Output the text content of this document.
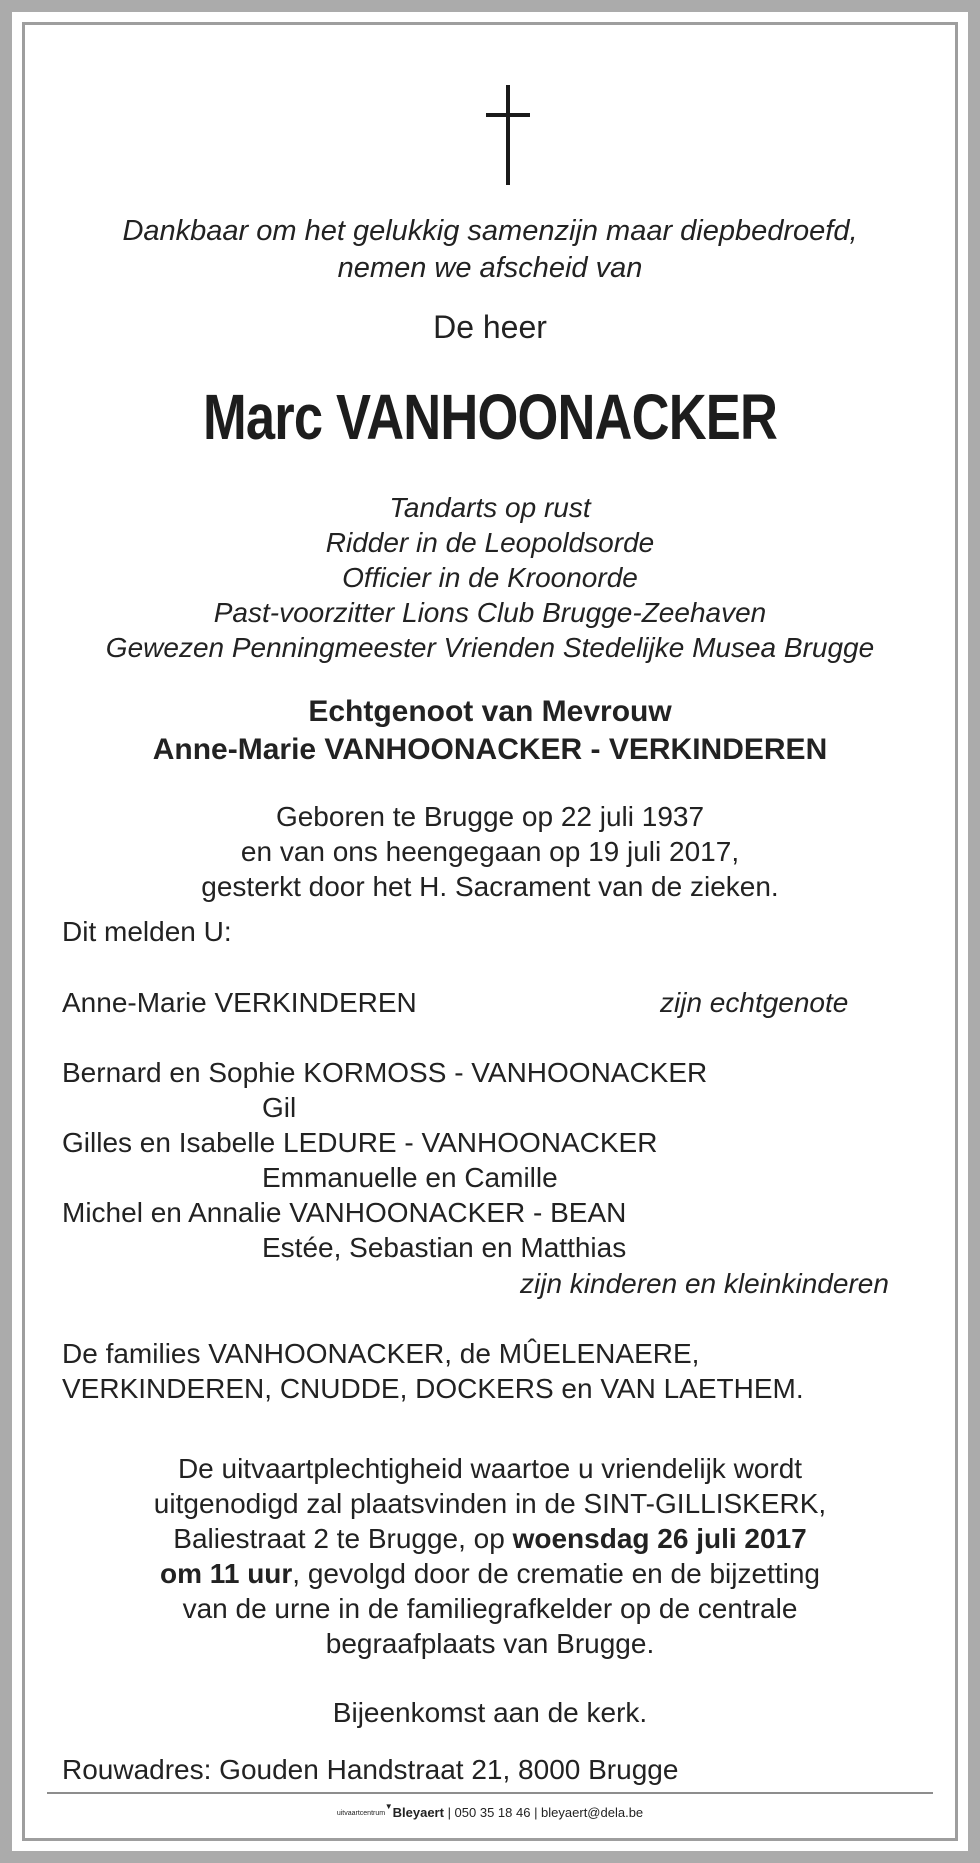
Dankbaar om het gelukkig samenzijn maar diepbedroefd,
nemen we afscheid van
De heer
Marc VANHOONACKER
Tandarts op rust
Ridder in de Leopoldsorde
Officier in de Kroonorde
Past-voorzitter Lions Club Brugge-Zeehaven
Gewezen Penningmeester Vrienden Stedelijke Musea Brugge
Echtgenoot van Mevrouw
Anne-Marie VANHOONACKER - VERKINDEREN
Geboren te Brugge op 22 juli 1937
en van ons heengegaan op 19 juli 2017,
gesterkt door het H. Sacrament van de zieken.
Dit melden U:
Anne-Marie VERKINDEREN	zijn echtgenote
Bernard en Sophie KORMOSS - VANHOONACKER
Gil
Gilles en Isabelle LEDURE - VANHOONACKER
Emmanuelle en Camille
Michel en Annalie VANHOONACKER - BEAN
Estée, Sebastian en Matthias
zijn kinderen en kleinkinderen
De families VANHOONACKER, de MÛELENAERE,
VERKINDEREN, CNUDDE, DOCKERS en VAN LAETHEM.
De uitvaartplechtigheid waartoe u vriendelijk wordt
uitgenodigd zal plaatsvinden in de SINT-GILLISKERK,
Baliestraat 2 te Brugge, op woensdag 26 juli 2017
om 11 uur, gevolgd door de crematie en de bijzetting
van de urne in de familiegrafkelder op de centrale
begraafplaats van Brugge.
Bijeenkomst aan de kerk.
Rouwadres: Gouden Handstraat 21, 8000 Brugge
uitvaartcentrum ▼Bleyaert | 050 35 18 46 | bleyaert@dela.be
